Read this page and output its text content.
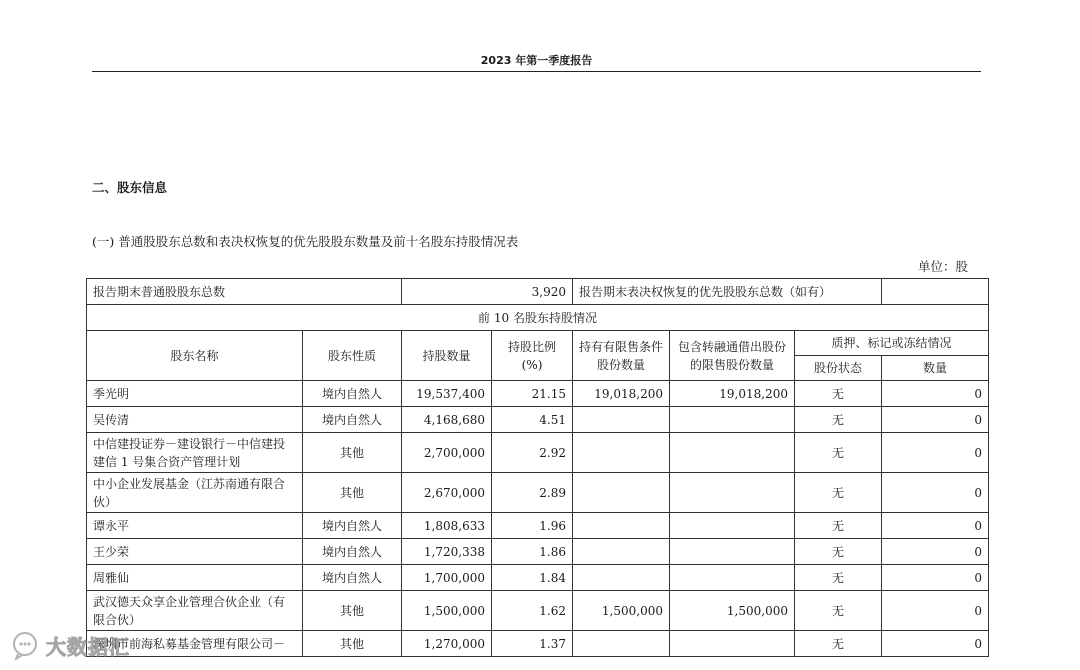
2023 年第一季度报告
二、股东信息
(一) 普通股股东总数和表决权恢复的优先股股东数量及前十名股东持股情况表
单位：股
报告期末普通股股东总数		3,920		报告期末表决权恢复的优先股股东总数（如有）			
前 10 名股东持股情况							
股东名称	股东性质	持股数量	持股比例(%)	持有有限售条件股份数量	包含转融通借出股份的限售股份数量	质押、标记或冻结情况	
						股份状态	数量
季光明	境内自然人	19,537,400	21.15	19,018,200	19,018,200	无	0
吴传清	境内自然人	4,168,680	4.51			无	0
中信建投证券－建设银行－中信建投建信 1 号集合资产管理计划	其他	2,700,000	2.92			无	0
中小企业发展基金（江苏南通有限合伙）	其他	2,670,000	2.89			无	0
谭永平	境内自然人	1,808,633	1.96			无	0
王少荣	境内自然人	1,720,338	1.86			无	0
周雅仙	境内自然人	1,700,000	1.84			无	0
武汉德天众享企业管理合伙企业（有限合伙）	其他	1,500,000	1.62	1,500,000	1,500,000	无	0
深圳市前海私募基金管理有限公司－	其他	1,270,000	1.37			无	0
大数据汇
